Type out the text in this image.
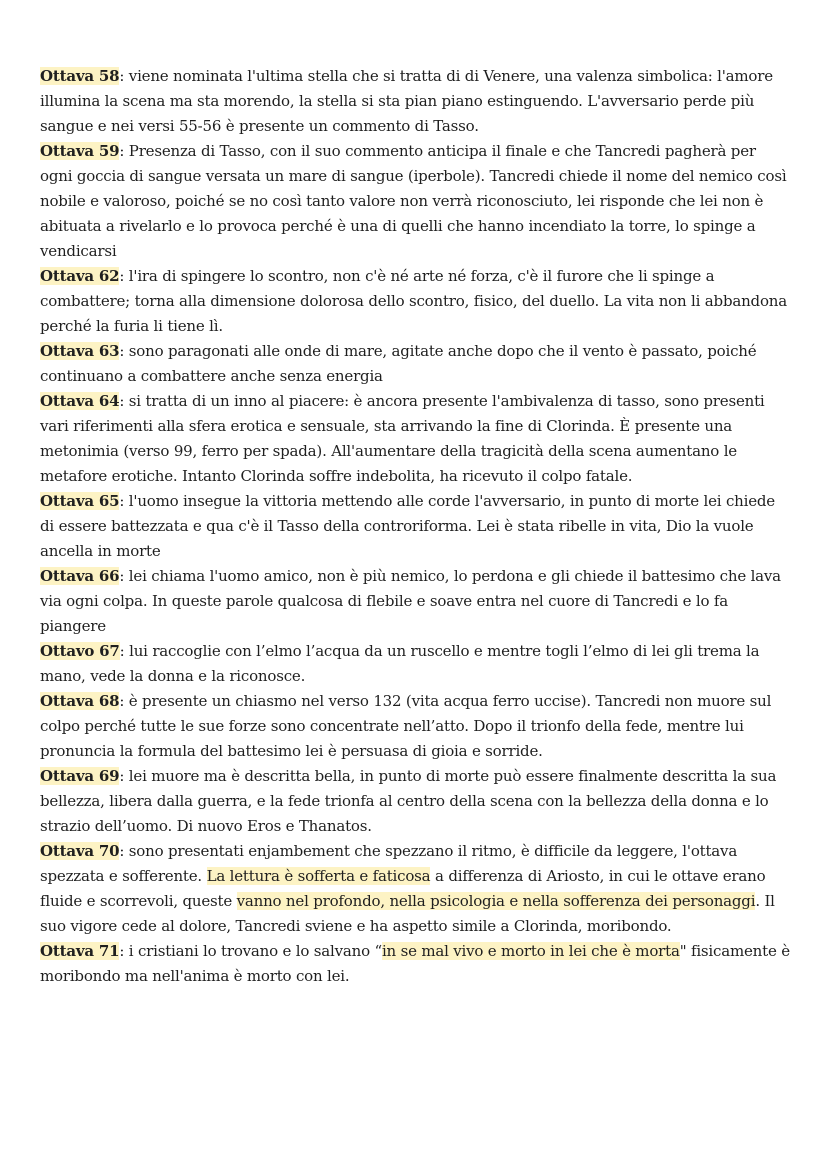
Ottava 58: viene nominata l'ultima stella che si tratta di di Venere, una valenza simbolica: l'amore illumina la scena ma sta morendo, la stella si sta pian piano estinguendo. L'avversario perde più sangue e nei versi 55-56 è presente un commento di Tasso.

Ottava 59: Presenza di Tasso, con il suo commento anticipa il finale e che Tancredi pagherà per ogni goccia di sangue versata un mare di sangue (iperbole). Tancredi chiede il nome del nemico così nobile e valoroso, poiché se no così tanto valore non verrà riconosciuto, lei risponde che lei non è abituata a rivelarlo e lo provoca perché è una di quelli che hanno incendiato la torre, lo spinge a vendicarsi

Ottava 62: l'ira di spingere lo scontro, non c'è né arte né forza, c'è il furore che li spinge a combattere; torna alla dimensione dolorosa dello scontro, fisico, del duello. La vita non li abbandona perché la furia li tiene lì.

Ottava 63: sono paragonati alle onde di mare, agitate anche dopo che il vento è passato, poiché continuano a combattere anche senza energia

Ottava 64: si tratta di un inno al piacere: è ancora presente l'ambivalenza di tasso, sono presenti vari riferimenti alla sfera erotica e sensuale, sta arrivando la fine di Clorinda. È presente una metonimia (verso 99, ferro per spada). All'aumentare della tragicità della scena aumentano le metafore erotiche. Intanto Clorinda soffre indebolita, ha ricevuto il colpo fatale.

Ottava 65: l'uomo insegue la vittoria mettendo alle corde l'avversario, in punto di morte lei chiede di essere battezzata e qua c'è il Tasso della controriforma. Lei è stata ribelle in vita, Dio la vuole ancella in morte

Ottava 66: lei chiama l'uomo amico, non è più nemico, lo perdona e gli chiede il battesimo che lava via ogni colpa. In queste parole qualcosa di flebile e soave entra nel cuore di Tancredi e lo fa piangere

Ottavo 67: lui raccoglie con l’elmo l’acqua da un ruscello e mentre togli l’elmo di lei gli trema la mano, vede la donna e la riconosce.

Ottava 68: è presente un chiasmo nel verso 132 (vita acqua ferro uccise). Tancredi non muore sul colpo perché tutte le sue forze sono concentrate nell’atto. Dopo il trionfo della fede, mentre lui pronuncia la formula del battesimo lei è persuasa di gioia e sorride.

Ottava 69: lei muore ma è descritta bella, in punto di morte può essere finalmente descritta la sua bellezza, libera dalla guerra, e la fede trionfa al centro della scena con la bellezza della donna e lo strazio dell’uomo. Di nuovo Eros e Thanatos.

Ottava 70: sono presentati enjambement che spezzano il ritmo, è difficile da leggere, l'ottava spezzata e sofferente. La lettura è sofferta e faticosa a differenza di Ariosto, in cui le ottave erano fluide e scorrevoli, queste vanno nel profondo, nella psicologia e nella sofferenza dei personaggi. Il suo vigore cede al dolore, Tancredi sviene e ha aspetto simile a Clorinda, moribondo.

Ottava 71: i cristiani lo trovano e lo salvano “in se mal vivo e morto in lei che è morta" fisicamente è moribondo ma nell'anima è morto con lei.
